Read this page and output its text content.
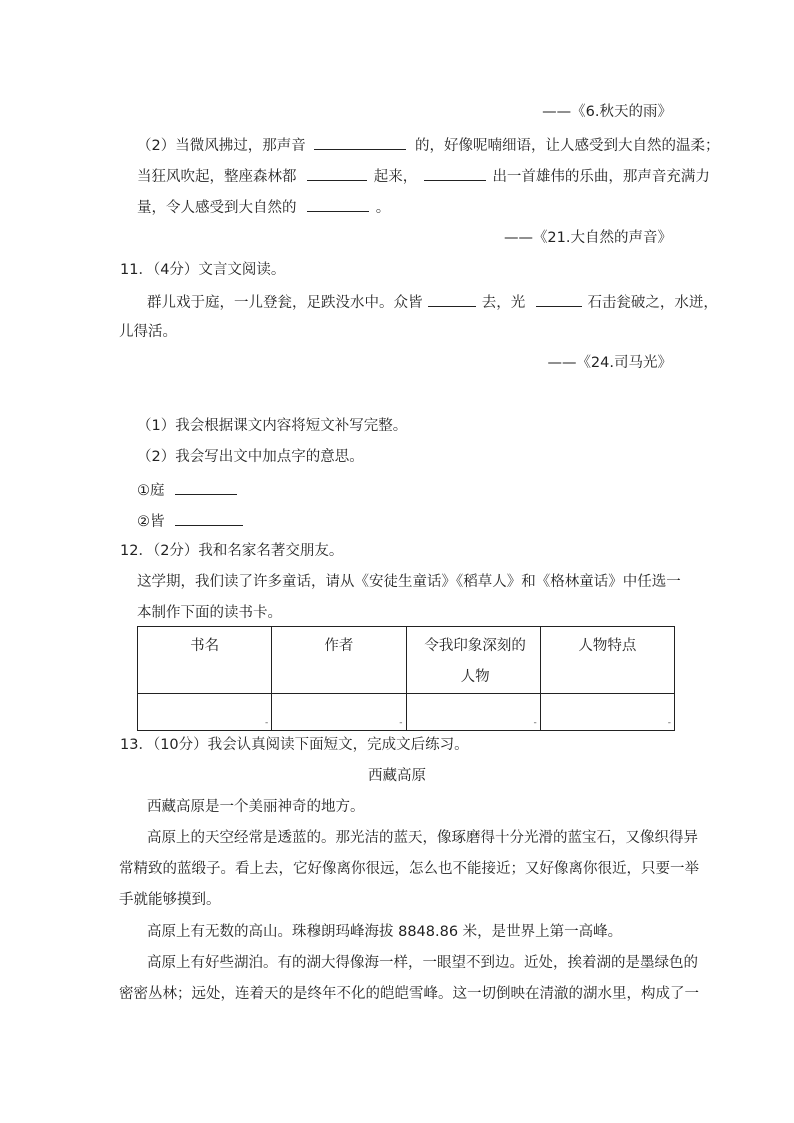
——《6.秋天的雨》
（2）当微风拂过，那声音	的，好像呢喃细语，让人感受到大自然的温柔；
当狂风吹起，整座森林都	起来，	出一首雄伟的乐曲，那声音充满力
量，令人感受到大自然的	。
——《21.大自然的声音》
11．（4分）文言文阅读。
群儿戏于庭，一儿登瓮，足跌没水中。众皆	去，光	石击瓮破之，水迸，
儿得活。
——《24.司马光》
（1）我会根据课文内容将短文补写完整。
（2）我会写出文中加点字的意思。
①庭
②皆
12．（2分）我和名家名著交朋友。
这学期，我们读了许多童话，请从《安徒生童话》《稻草人》和《格林童话》中任选一
本制作下面的读书卡。
书名	作者	令我印象深刻的人物	人物特点

-	-	-	-
13．（10分）我会认真阅读下面短文，完成文后练习。
西藏高原
西藏高原是一个美丽神奇的地方。
高原上的天空经常是透蓝的。那光洁的蓝天，像琢磨得十分光滑的蓝宝石，又像织得异
常精致的蓝缎子。看上去，它好像离你很远，怎么也不能接近；又好像离你很近，只要一举
手就能够摸到。
高原上有无数的高山。珠穆朗玛峰海拔 8848.86 米，是世界上第一高峰。
高原上有好些湖泊。有的湖大得像海一样，一眼望不到边。近处，挨着湖的是墨绿色的
密密丛林；远处，连着天的是终年不化的皑皑雪峰。这一切倒映在清澈的湖水里，构成了一
